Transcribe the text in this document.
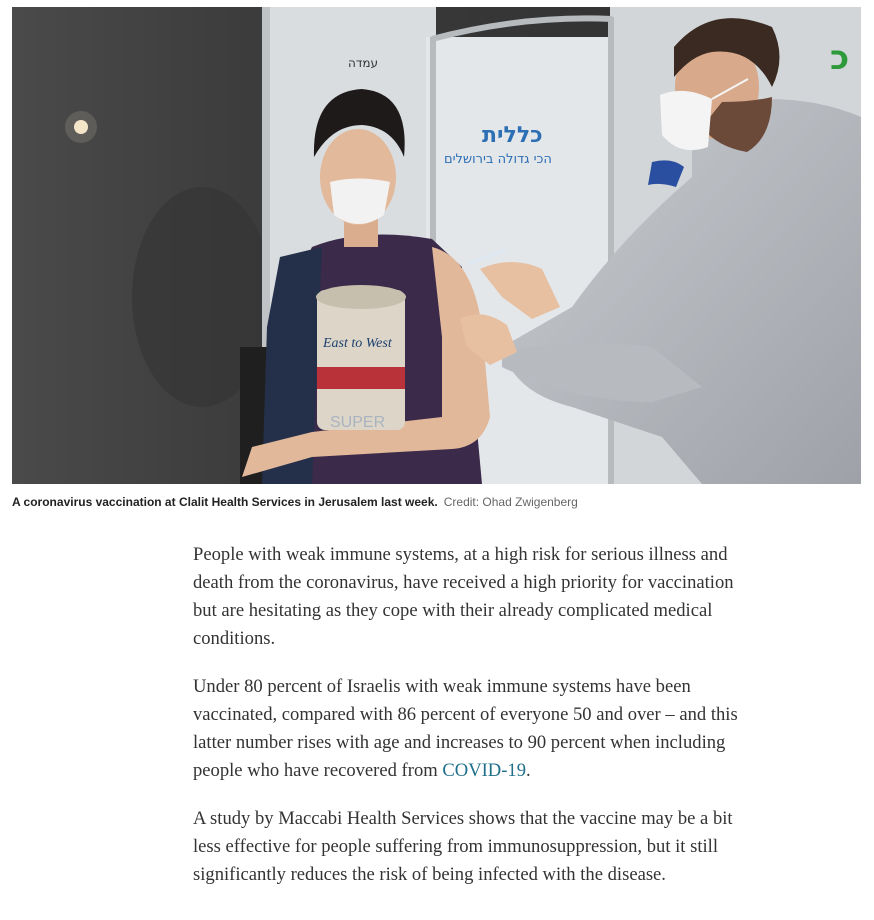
עמדה
כללית
הכי גדולה בירושלים
כ
East to West
SUPER
A coronavirus vaccination at Clalit Health Services in Jerusalem last week. Credit: Ohad Zwigenberg

People with weak immune systems, at a high risk for serious illness and death from the coronavirus, have received a high priority for vaccination but are hesitating as they cope with their already complicated medical conditions.

Under 80 percent of Israelis with weak immune systems have been vaccinated, compared with 86 percent of everyone 50 and over – and this latter number rises with age and increases to 90 percent when including people who have recovered from COVID-19.

A study by Maccabi Health Services shows that the vaccine may be a bit less effective for people suffering from immunosuppression, but it still significantly reduces the risk of being infected with the disease.
